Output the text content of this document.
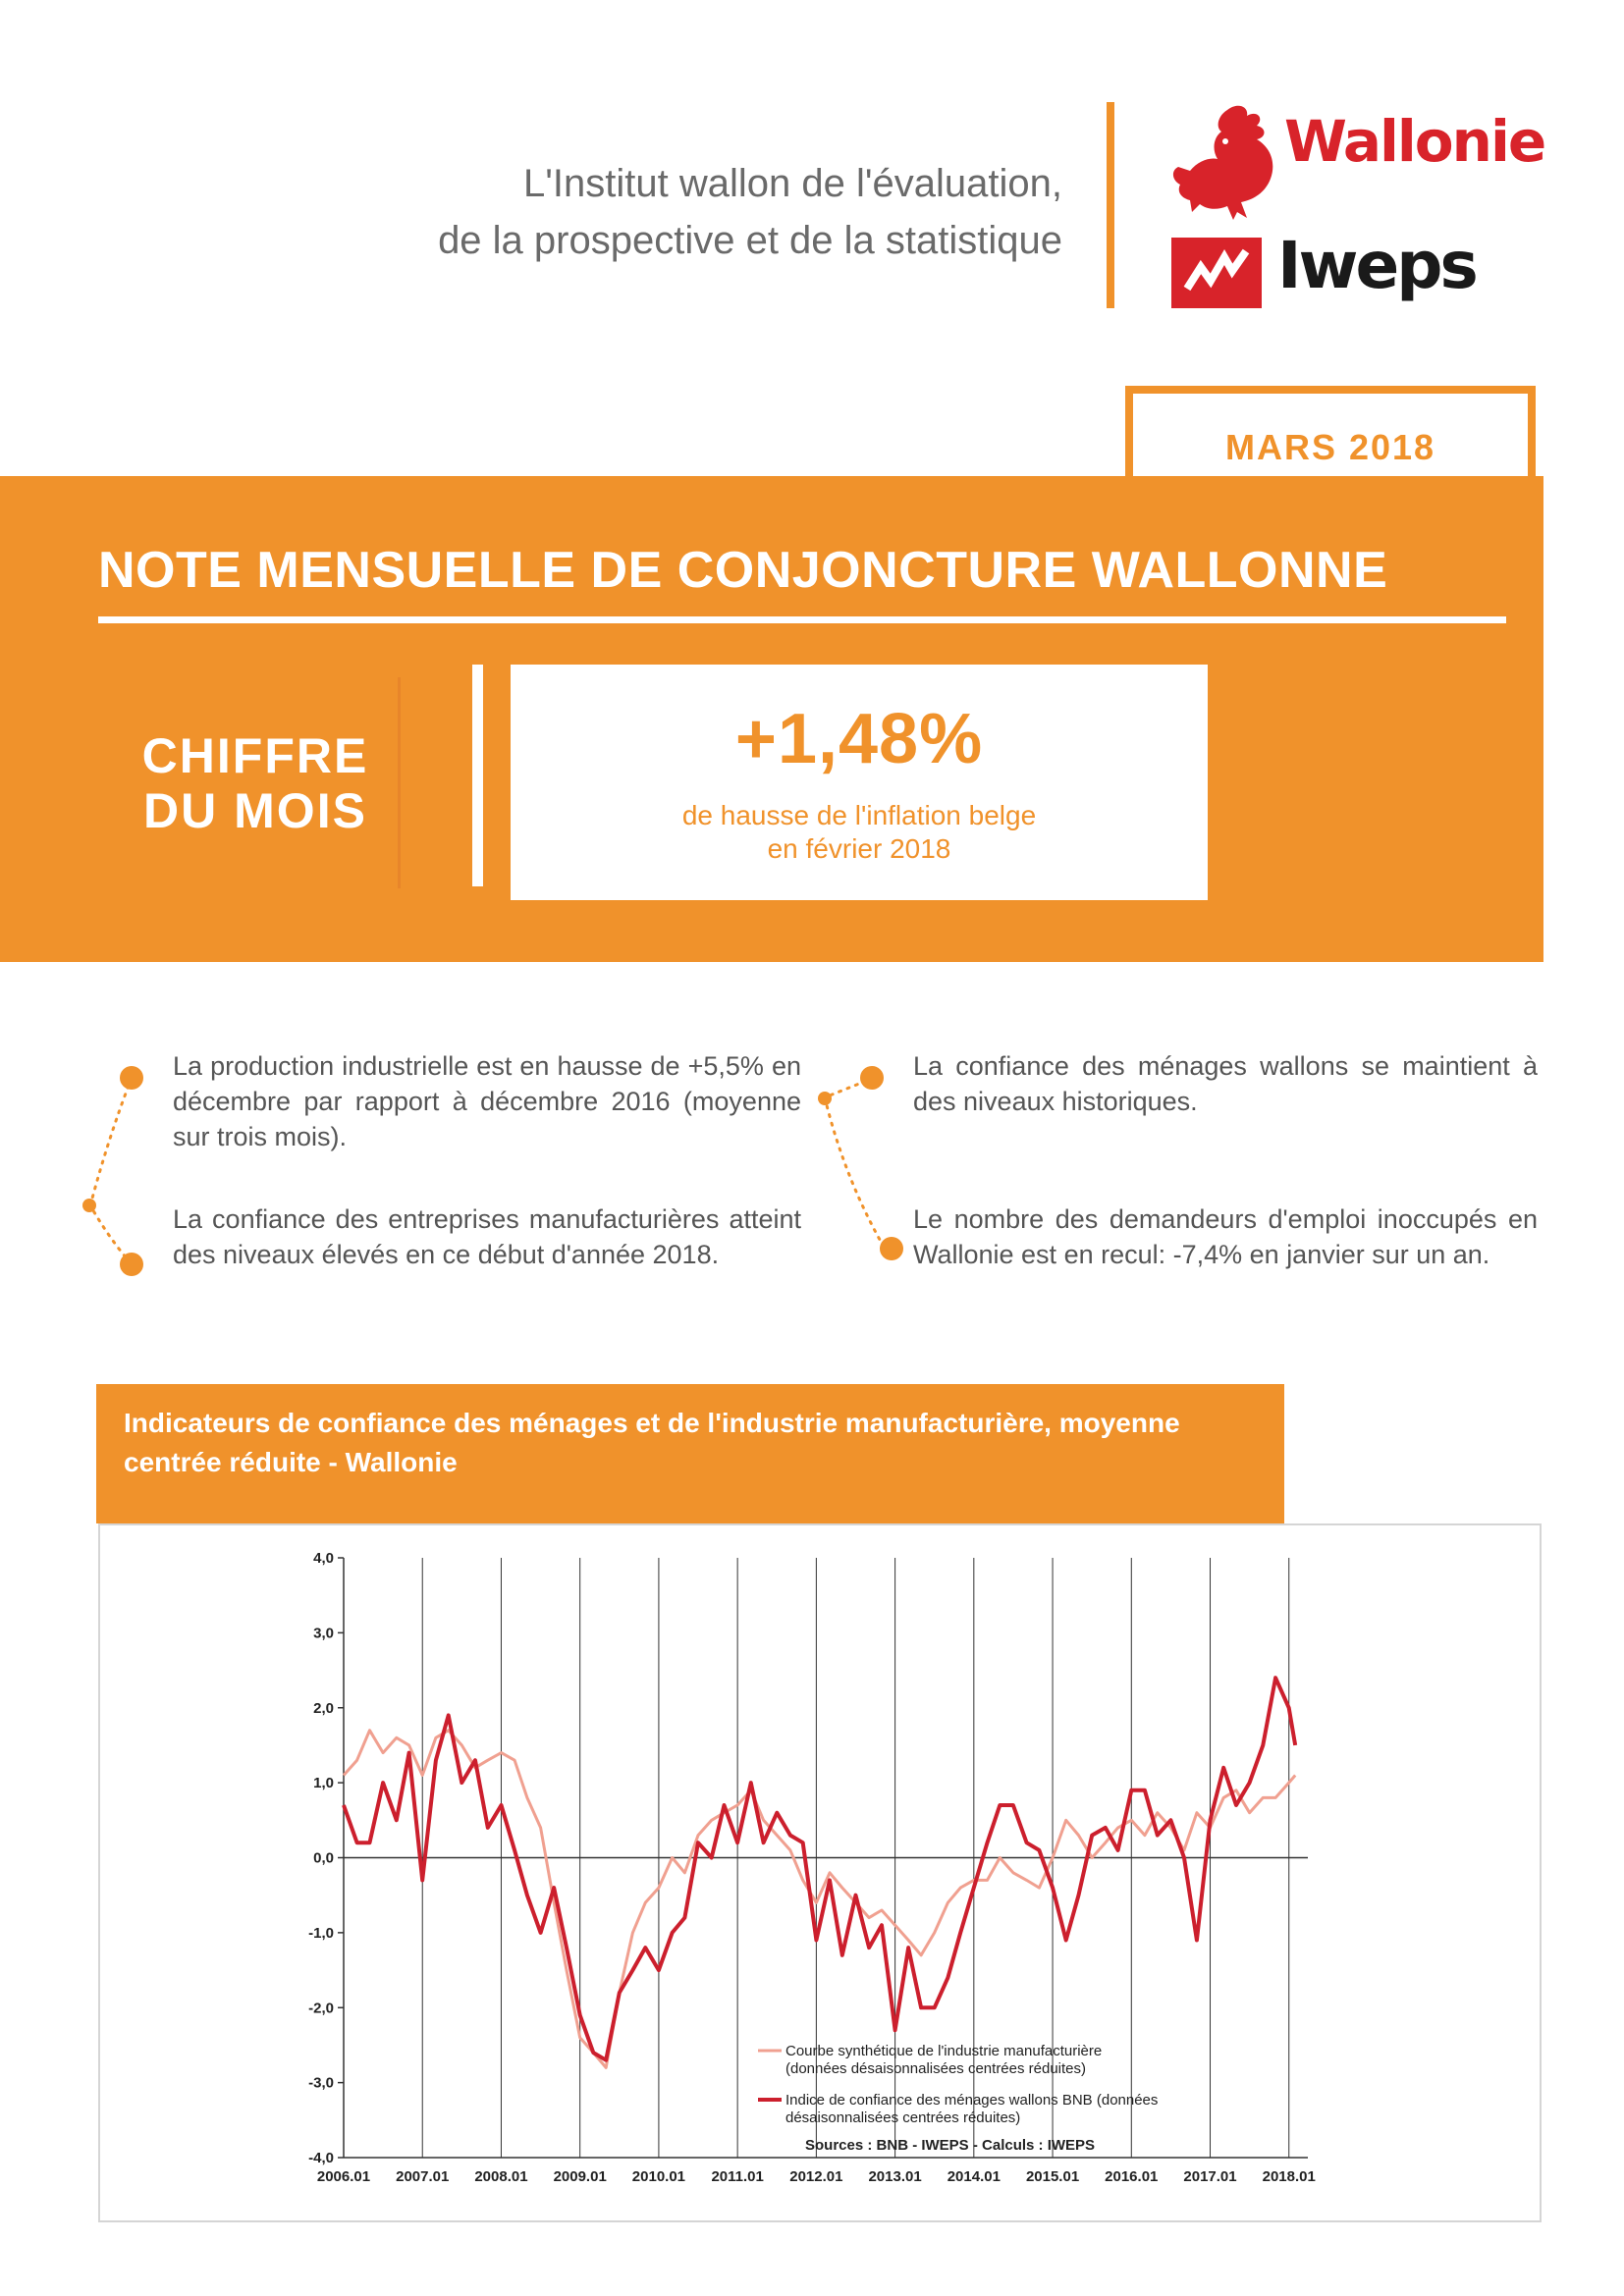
L'Institut wallon de l'évaluation,
de la prospective et de la statistique
Wallonie
Iweps
MARS 2018
NOTE MENSUELLE DE CONJONCTURE WALLONNE
CHIFFRE
DU MOIS
+1,48%
de hausse de l'inflation belge
en février 2018
La production industrielle est en hausse de +5,5% en décembre par rapport à décembre 2016 (moyenne sur trois mois).
La confiance des entreprises manufacturières atteint des niveaux élevés en ce début d'année 2018.
La confiance des ménages wallons se maintient à des niveaux historiques.
Le nombre des demandeurs d'emploi inoccupés en Wallonie est en recul: -7,4% en janvier sur un an.
Indicateurs de confiance des ménages et de l'industrie manufacturière, moyenne centrée réduite - Wallonie
4,0
3,0
2,0
1,0
0,0
-1,0
-2,0
-3,0
-4,0
2006.01 2007.01 2008.01 2009.01 2010.01 2011.01 2012.01 2013.01 2014.01 2015.01 2016.01 2017.01 2018.01
Courbe synthétique de l'industrie manufacturière
(données désaisonnalisées centrées réduites)
Indice de confiance des ménages wallons BNB (données
désaisonnalisées centrées réduites)
Sources : BNB - IWEPS - Calculs : IWEPS
